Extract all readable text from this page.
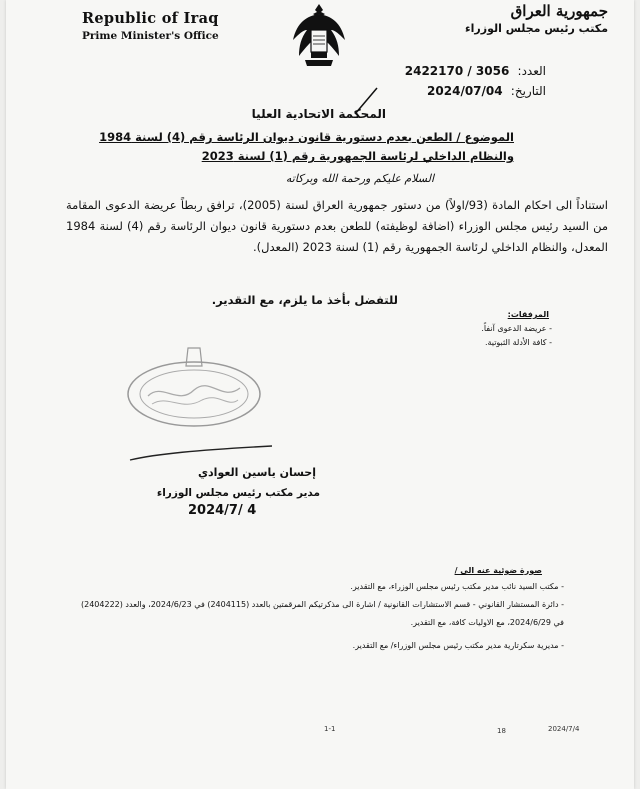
Republic of Iraq
Prime Minister's Office
جمهورية العراق
مكتب رئيس مجلس الوزراء
العدد: 2422170 / 3056
التاريخ: 2024/07/04
المحكمة الاتحادية العليا
الموضوع / الطعن بعدم دستورية قانون ديوان الرئاسة رقم (4) لسنة 1984
والنظام الداخلي لرئاسة الجمهورية رقم (1) لسنة 2023
السلام عليكم ورحمة الله وبركاته
استناداً الى احكام المادة (93/اولاً) من دستور جمهورية العراق لسنة (2005)، ترافق ربطاً عريضة الدعوى المقامة من السيد رئيس مجلس الوزراء (اضافة لوظيفته) للطعن بعدم دستورية قانون ديوان الرئاسة رقم (4) لسنة 1984 المعدل، والنظام الداخلي لرئاسة الجمهورية رقم (1) لسنة 2023 (المعدل).
للتفضل بأخذ ما يلزم، مع التقدير.
المرفقات:
- عريضة الدعوى آنفاً.
- كافة الأدلة الثبوتية.
إحسان ياسين العوادي
مدير مكتب رئيس مجلس الوزراء
2024/7/ 4
صورة ضوئية عنه الى /
- مكتب السيد نائب مدير مكتب رئيس مجلس الوزراء، مع التقدير.
- دائرة المستشار القانوني - قسم الاستشارات القانونية / اشارة الى مذكرتيكم المرقمتين بالعدد (2404115) في 2024/6/23، والعدد (2404222)
في 2024/6/29، مع الاوليات كافة، مع التقدير.
- مديرية سكرتارية مدير مكتب رئيس مجلس الوزراء/ مع التقدير.
1-1	18	2024/7/4
